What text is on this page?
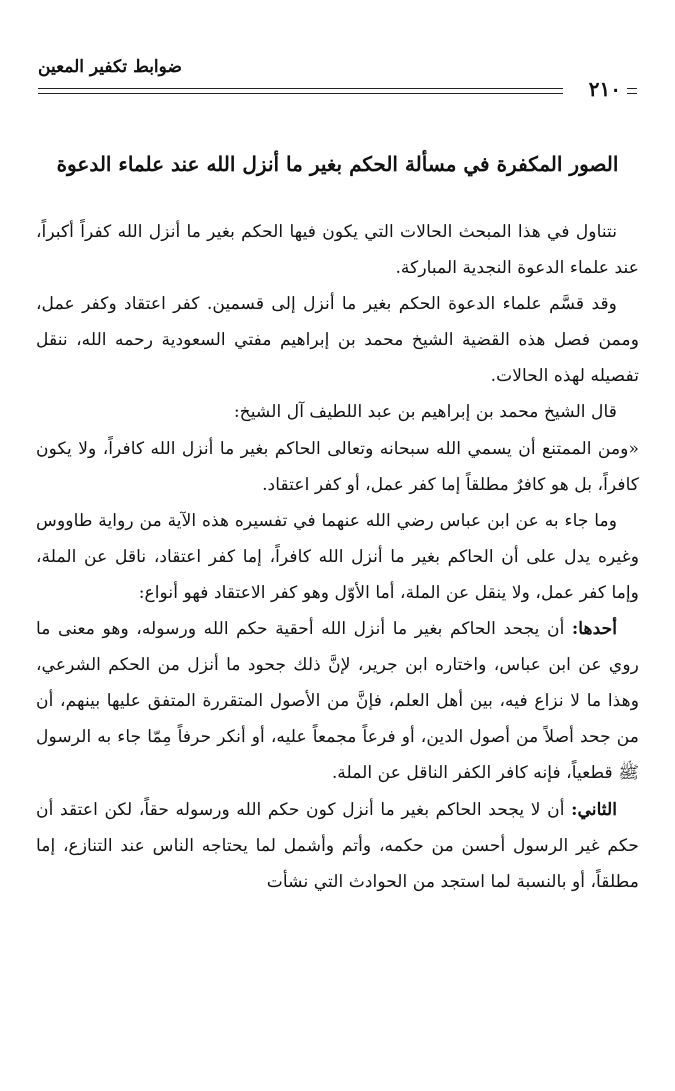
ضوابط تكفير المعين
٢١٠
الصور المكفرة في مسألة الحكم بغير ما أنزل الله عند علماء الدعوة

نتناول في هذا المبحث الحالات التي يكون فيها الحكم بغير ما أنزل الله كفراً أكبراً، عند علماء الدعوة النجدية المباركة.

وقد قسَّم علماء الدعوة الحكم بغير ما أنزل إلى قسمين. كفر اعتقاد وكفر عمل، وممن فصل هذه القضية الشيخ محمد بن إبراهيم مفتي السعودية رحمه الله، ننقل تفصيله لهذه الحالات.

قال الشيخ محمد بن إبراهيم بن عبد اللطيف آل الشيخ:

«ومن الممتنع أن يسمي الله سبحانه وتعالى الحاكم بغير ما أنزل الله كافراً، ولا يكون كافراً، بل هو كافرٌ مطلقاً إما كفر عمل، أو كفر اعتقاد.

وما جاء به عن ابن عباس رضي الله عنهما في تفسيره هذه الآية من رواية طاووس وغيره يدل على أن الحاكم بغير ما أنزل الله كافراً، إما كفر اعتقاد، ناقل عن الملة، وإما كفر عمل، ولا ينقل عن الملة، أما الأوّل وهو كفر الاعتقاد فهو أنواع:

أحدها: أن يجحد الحاكم بغير ما أنزل الله أحقية حكم الله ورسوله، وهو معنى ما روي عن ابن عباس، واختاره ابن جرير، لإنَّ ذلك جحود ما أنزل من الحكم الشرعي، وهذا ما لا نزاع فيه، بين أهل العلم، فإنَّ من الأصول المتقررة المتفق عليها بينهم، أن من جحد أصلاً من أصول الدين، أو فرعاً مجمعاً عليه، أو أنكر حرفاً مِمّا جاء به الرسول ﷺ قطعياً، فإنه كافر الكفر الناقل عن الملة.

الثاني: أن لا يجحد الحاكم بغير ما أنزل كون حكم الله ورسوله حقاً، لكن اعتقد أن حكم غير الرسول أحسن من حكمه، وأتم وأشمل لما يحتاجه الناس عند التنازع، إما مطلقاً، أو بالنسبة لما استجد من الحوادث التي نشأت
